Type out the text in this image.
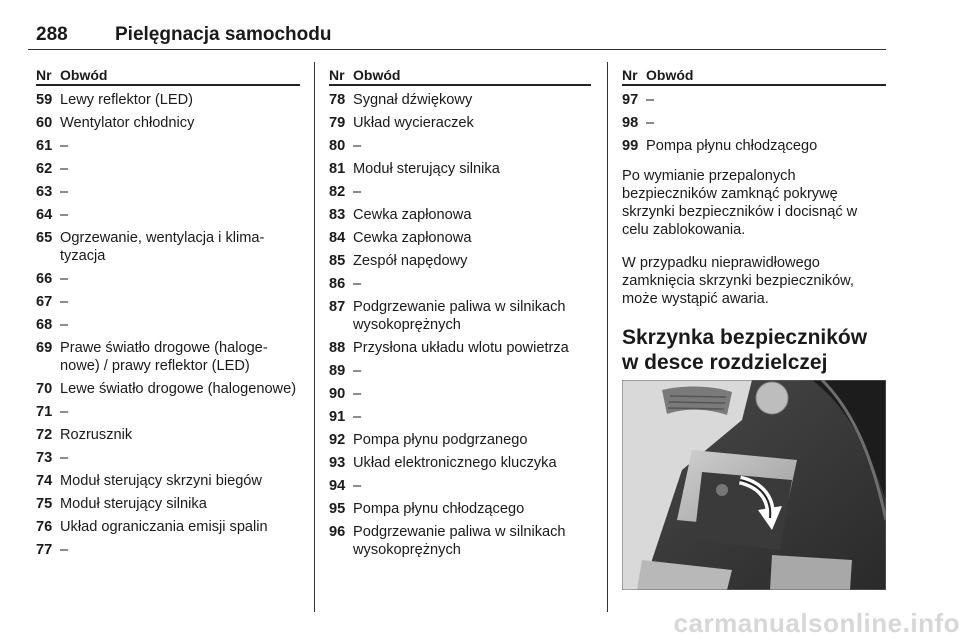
288 Pielęgnacja samochodu
Nr Obwód
59 Lewy reflektor (LED)
60 Wentylator chłodnicy
61 –
62 –
63 –
64 –
65 Ogrzewanie, wentylacja i klimatyzacja
66 –
67 –
68 –
69 Prawe światło drogowe (halogenowe) / prawy reflektor (LED)
70 Lewe światło drogowe (halogenowe)
71 –
72 Rozrusznik
73 –
74 Moduł sterujący skrzyni biegów
75 Moduł sterujący silnika
76 Układ ograniczania emisji spalin
77 –
Nr Obwód
78 Sygnał dźwiękowy
79 Układ wycieraczek
80 –
81 Moduł sterujący silnika
82 –
83 Cewka zapłonowa
84 Cewka zapłonowa
85 Zespół napędowy
86 –
87 Podgrzewanie paliwa w silnikach wysokoprężnych
88 Przysłona układu wlotu powietrza
89 –
90 –
91 –
92 Pompa płynu podgrzanego
93 Układ elektronicznego kluczyka
94 –
95 Pompa płynu chłodzącego
96 Podgrzewanie paliwa w silnikach wysokoprężnych
Nr Obwód
97 –
98 –
99 Pompa płynu chłodzącego

Po wymianie przepalonych bezpieczników zamknąć pokrywę skrzynki bezpieczników i docisnąć w celu zablokowania.

W przypadku nieprawidłowego zamknięcia skrzynki bezpieczników, może wystąpić awaria.

Skrzynka bezpieczników w desce rozdzielczej
carmanualsonline.info
